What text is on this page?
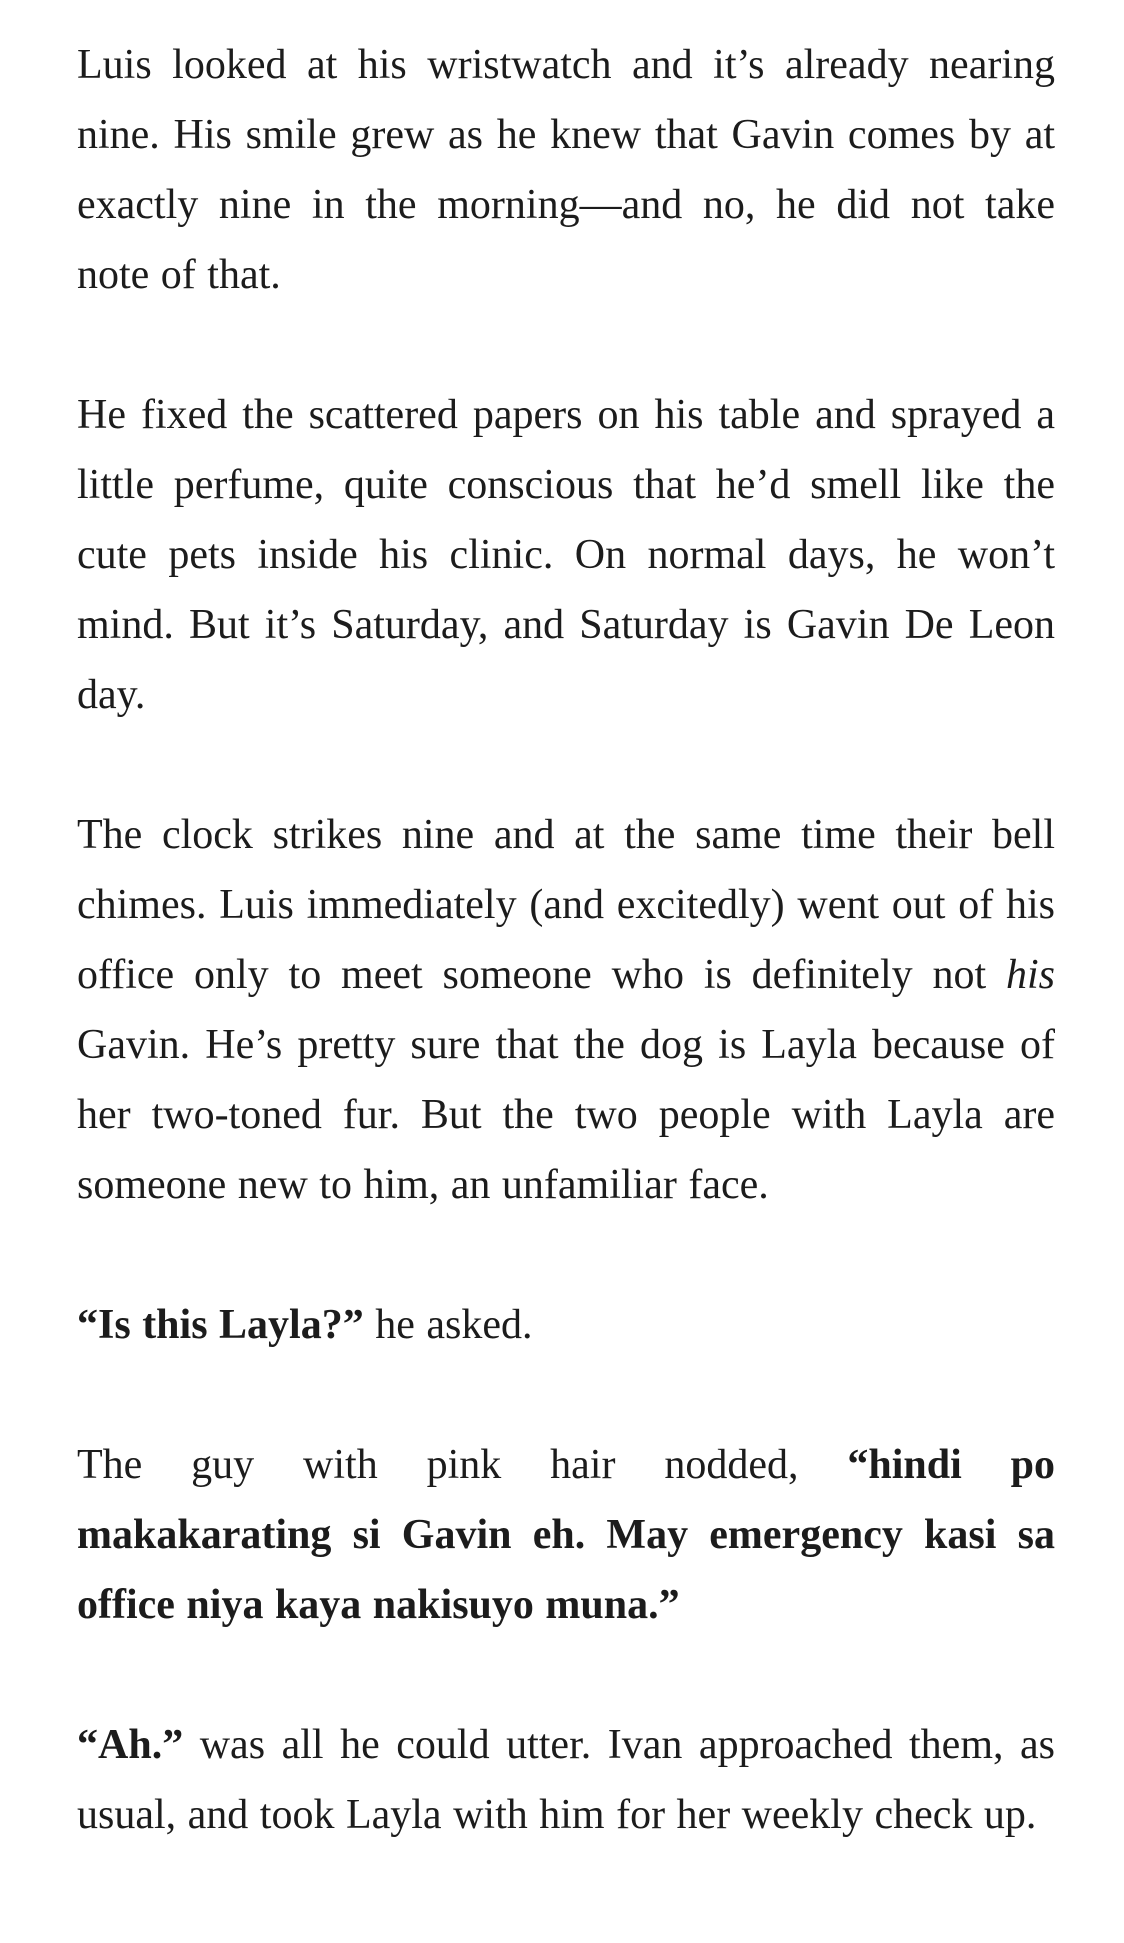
Luis looked at his wristwatch and it’s already nearing nine. His smile grew as he knew that Gavin comes by at exactly nine in the morning—and no, he did not take note of that.

He fixed the scattered papers on his table and sprayed a little perfume, quite conscious that he’d smell like the cute pets inside his clinic. On normal days, he won’t mind. But it’s Saturday, and Saturday is Gavin De Leon day.

The clock strikes nine and at the same time their bell chimes. Luis immediately (and excitedly) went out of his office only to meet someone who is definitely not his Gavin. He’s pretty sure that the dog is Layla because of her two-toned fur. But the two people with Layla are someone new to him, an unfamiliar face.

“Is this Layla?” he asked.

The guy with pink hair nodded, “hindi po makakarating si Gavin eh. May emergency kasi sa office niya kaya nakisuyo muna.”

“Ah.” was all he could utter. Ivan approached them, as usual, and took Layla with him for her weekly check up.
